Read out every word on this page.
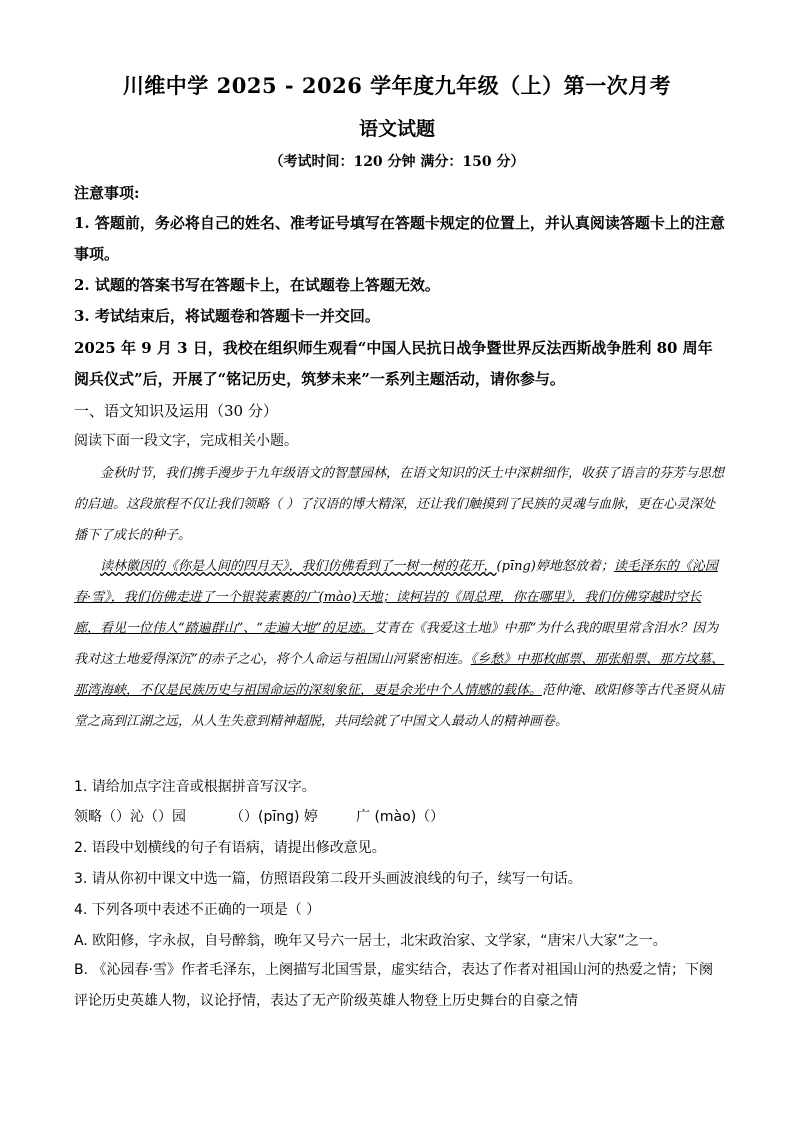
川维中学 2025 - 2026 学年度九年级（上）第一次月考
语文试题
（考试时间：120 分钟 满分：150 分）
注意事项:
1. 答题前，务必将自己的姓名、准考证号填写在答题卡规定的位置上，并认真阅读答题卡上的注意事项。
2. 试题的答案书写在答题卡上，在试题卷上答题无效。
3. 考试结束后，将试题卷和答题卡一并交回。
2025 年 9 月 3 日，我校在组织师生观看“中国人民抗日战争暨世界反法西斯战争胜利 80 周年阅兵仪式”后，开展了“铭记历史，筑梦未来”一系列主题活动，请你参与。
一、语文知识及运用（30 分）
阅读下面一段文字，完成相关小题。
金秋时节，我们携手漫步于九年级语文的智慧园林，在语文知识的沃土中深耕细作，收获了语言的芬芳与思想的启迪。这段旅程不仅让我们领略（ ）了汉语的博大精深，还让我们触摸到了民族的灵魂与血脉，更在心灵深处播下了成长的种子。
读林徽因的《你是人间的四月天》，我们仿佛看到了一树一树的花开，(pīng)婷地怒放着；读毛泽东的《沁园春·雪》，我们仿佛走进了一个银装素裹的广(mào)天地；读柯岩的《周总理，你在哪里》，我们仿佛穿越时空长廊，看见一位伟人“踏遍群山”、“走遍大地”的足迹。艾青在《我爱这土地》中那“为什么我的眼里常含泪水？因为我对这土地爱得深沉”的赤子之心，将个人命运与祖国山河紧密相连。《乡愁》中那枚邮票、那张船票、那方坟墓、那湾海峡，不仅是民族历史与祖国命运的深刻象征，更是余光中个人情感的载体。范仲淹、欧阳修等古代圣贤从庙堂之高到江湖之远，从人生失意到精神超脱，共同绘就了中国文人最动人的精神画卷。
1. 请给加点字注音或根据拼音写汉字。
领略（）沁（）园	（）(pīng) 婷	广 (mào)（）
2. 语段中划横线的句子有语病，请提出修改意见。
3. 请从你初中课文中选一篇，仿照语段第二段开头画波浪线的句子，续写一句话。
4. 下列各项中表述不正确的一项是（ ）
A. 欧阳修，字永叔，自号醉翁，晚年又号六一居士，北宋政治家、文学家，“唐宋八大家”之一。
B. 《沁园春·雪》作者毛泽东，上阕描写北国雪景，虚实结合，表达了作者对祖国山河的热爱之情；下阕评论历史英雄人物，议论抒情，表达了无产阶级英雄人物登上历史舞台的自豪之情
